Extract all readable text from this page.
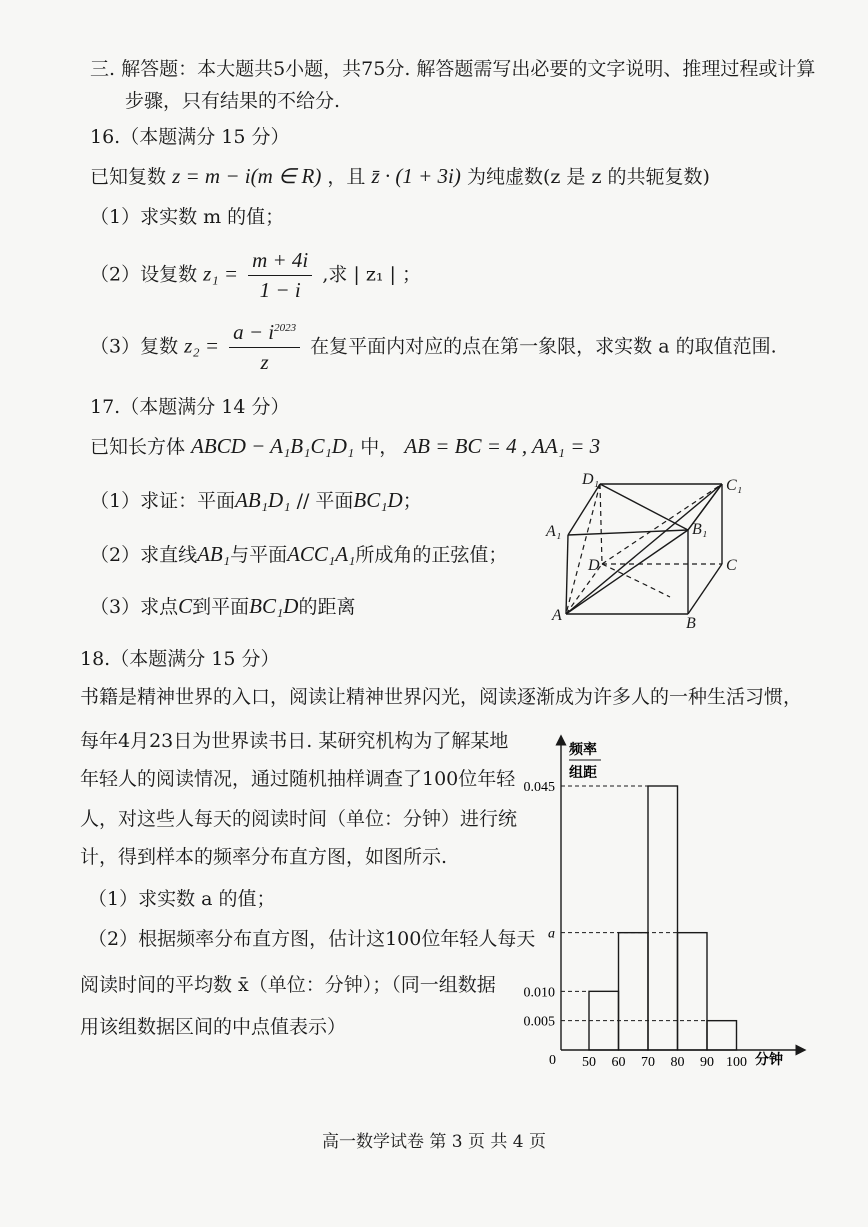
三. 解答题：本大题共5小题，共75分. 解答题需写出必要的文字说明、推理过程或计算
步骤，只有结果的不给分.
16.（本题满分 15 分）
已知复数 z = m − i(m ∈ R) ，且 z̄ · (1 + 3i) 为纯虚数(z 是 z 的共轭复数)
（1）求实数 m 的值；
（2）设复数 $z_1 = \frac{m + 4i}{1 - i}$ ,求 | z₁ | ；
（3）复数 $z_2 = \frac{a - i^{2023}}{z}$ 在复平面内对应的点在第一象限，求实数 a 的取值范围.
17.（本题满分 14 分）
已知长方体 ABCD − A₁B₁C₁D₁ 中， AB = BC = 4 , AA₁ = 3
（1）求证：平面AB₁D₁ // 平面BC₁D；
（2）求直线AB₁与平面ACC₁A₁所成角的正弦值；
（3）求点C到平面BC₁D的距离
D₁	C₁
A₁	B₁
D	C
A	B
18.（本题满分 15 分）
书籍是精神世界的入口，阅读让精神世界闪光，阅读逐渐成为许多人的一种生活习惯，
每年4月23日为世界读书日. 某研究机构为了解某地
年轻人的阅读情况，通过随机抽样调查了100位年轻
人，对这些人每天的阅读时间（单位：分钟）进行统
计，得到样本的频率分布直方图，如图所示.
（1）求实数 a 的值；
（2）根据频率分布直方图，估计这100位年轻人每天
阅读时间的平均数 x̄（单位：分钟）；（同一组数据
用该组数据区间的中点值表示）
频率
组距
0	分钟
0.045
a
0.010
0.005
50 60 70 80 90 100
高一数学试卷 第 3 页 共 4 页
